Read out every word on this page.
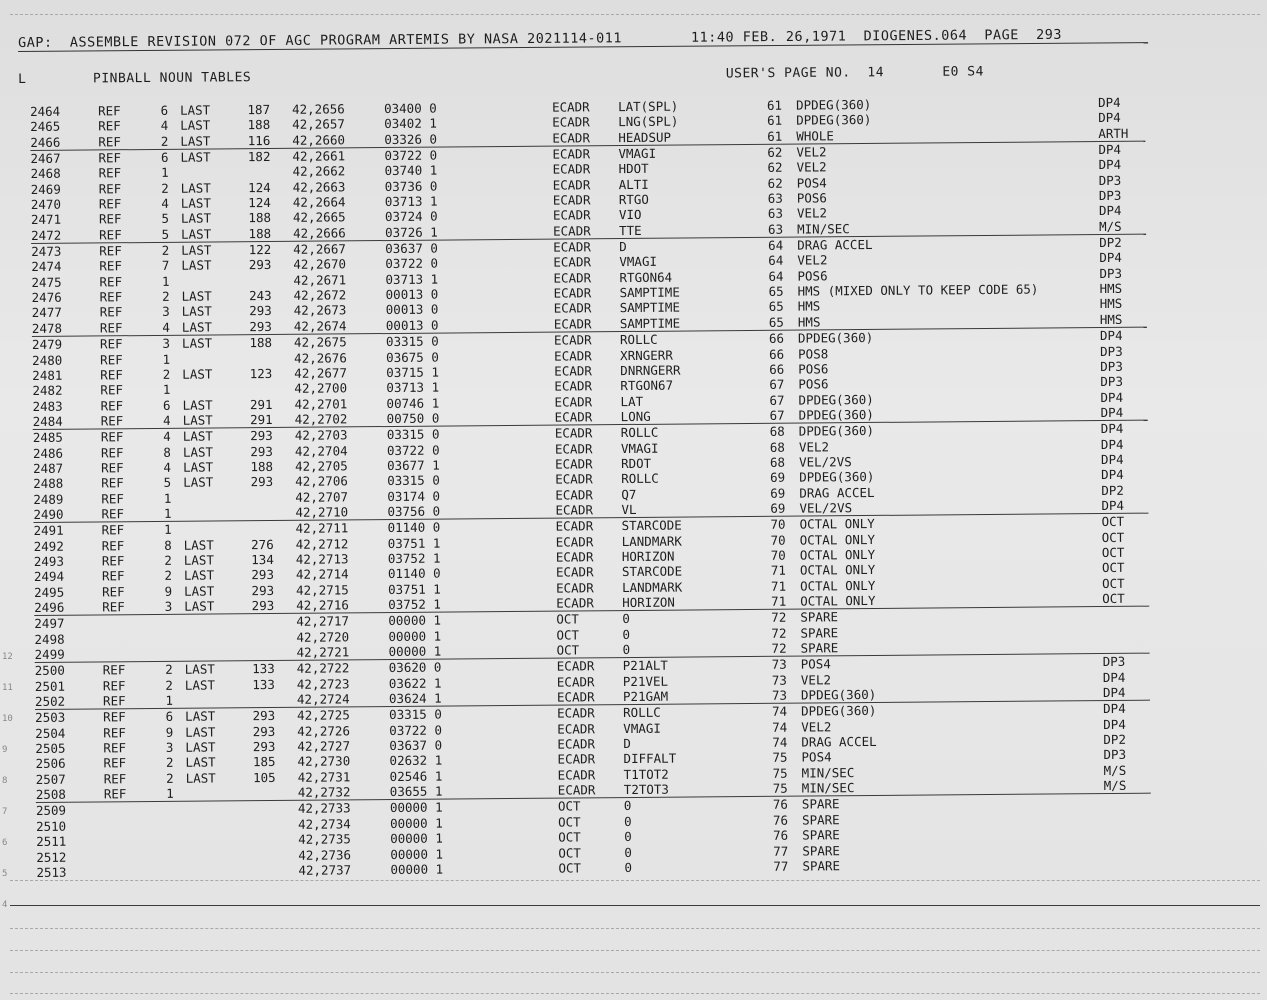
12
11
10
9
8
7
6
5
4
GAP:  ASSEMBLE REVISION 072 OF AGC PROGRAM ARTEMIS BY NASA 2021114-011        11:40 FEB. 26,1971  DIOGENES.064  PAGE  293
L        PINBALL NOUN TABLES                                                         USER'S PAGE NO.  14       E0 S4
2464	REF	6 LAST	187 42,2656	03400 0	ECADR LAT(SPL)	61 DPDEG(360)	DP4
2465	REF	4 LAST	188 42,2657	03402 1	ECADR LNG(SPL)	61 DPDEG(360)	DP4
2466	REF	2 LAST	116 42,2660	03326 0	ECADR HEADSUP	61 WHOLE	ARTH
2467	REF	6 LAST	182 42,2661	03722 0	ECADR VMAGI	62 VEL2	DP4
2468	REF	1	42,2662	03740 1	ECADR HDOT	62 VEL2	DP4
2469	REF	2 LAST	124 42,2663	03736 0	ECADR ALTI	62 POS4	DP3
2470	REF	4 LAST	124 42,2664	03713 1	ECADR RTGO	63 POS6	DP3
2471	REF	5 LAST	188 42,2665	03724 0	ECADR VIO	63 VEL2	DP4
2472	REF	5 LAST	188 42,2666	03726 1	ECADR TTE	63 MIN/SEC	M/S
2473	REF	2 LAST	122 42,2667	03637 0	ECADR D	64 DRAG ACCEL	DP2
2474	REF	7 LAST	293 42,2670	03722 0	ECADR VMAGI	64 VEL2	DP4
2475	REF	1	42,2671	03713 1	ECADR RTGON64	64 POS6	DP3
2476	REF	2 LAST	243 42,2672	00013 0	ECADR SAMPTIME	65 HMS (MIXED ONLY TO KEEP CODE 65)	HMS
2477	REF	3 LAST	293 42,2673	00013 0	ECADR SAMPTIME	65 HMS	HMS
2478	REF	4 LAST	293 42,2674	00013 0	ECADR SAMPTIME	65 HMS	HMS
2479	REF	3 LAST	188 42,2675	03315 0	ECADR ROLLC	66 DPDEG(360)	DP4
2480	REF	1	42,2676	03675 0	ECADR XRNGERR	66 POS8	DP3
2481	REF	2 LAST	123 42,2677	03715 1	ECADR DNRNGERR	66 POS6	DP3
2482	REF	1	42,2700	03713 1	ECADR RTGON67	67 POS6	DP3
2483	REF	6 LAST	291 42,2701	00746 1	ECADR LAT	67 DPDEG(360)	DP4
2484	REF	4 LAST	291 42,2702	00750 0	ECADR LONG	67 DPDEG(360)	DP4
2485	REF	4 LAST	293 42,2703	03315 0	ECADR ROLLC	68 DPDEG(360)	DP4
2486	REF	8 LAST	293 42,2704	03722 0	ECADR VMAGI	68 VEL2	DP4
2487	REF	4 LAST	188 42,2705	03677 1	ECADR RDOT	68 VEL/2VS	DP4
2488	REF	5 LAST	293 42,2706	03315 0	ECADR ROLLC	69 DPDEG(360)	DP4
2489	REF	1	42,2707	03174 0	ECADR Q7	69 DRAG ACCEL	DP2
2490	REF	1	42,2710	03756 0	ECADR VL	69 VEL/2VS	DP4
2491	REF	1	42,2711	01140 0	ECADR STARCODE	70 OCTAL ONLY	OCT
2492	REF	8 LAST	276 42,2712	03751 1	ECADR LANDMARK	70 OCTAL ONLY	OCT
2493	REF	2 LAST	134 42,2713	03752 1	ECADR HORIZON	70 OCTAL ONLY	OCT
2494	REF	2 LAST	293 42,2714	01140 0	ECADR STARCODE	71 OCTAL ONLY	OCT
2495	REF	9 LAST	293 42,2715	03751 1	ECADR LANDMARK	71 OCTAL ONLY	OCT
2496	REF	3 LAST	293 42,2716	03752 1	ECADR HORIZON	71 OCTAL ONLY	OCT
2497	42,2717	00000 1	OCT	0	72 SPARE
2498	42,2720	00000 1	OCT	0	72 SPARE
2499	42,2721	00000 1	OCT	0	72 SPARE
2500	REF	2 LAST	133 42,2722	03620 0	ECADR P21ALT	73 POS4	DP3
2501	REF	2 LAST	133 42,2723	03622 1	ECADR P21VEL	73 VEL2	DP4
2502	REF	1	42,2724	03624 1	ECADR P21GAM	73 DPDEG(360)	DP4
2503	REF	6 LAST	293 42,2725	03315 0	ECADR ROLLC	74 DPDEG(360)	DP4
2504	REF	9 LAST	293 42,2726	03722 0	ECADR VMAGI	74 VEL2	DP4
2505	REF	3 LAST	293 42,2727	03637 0	ECADR D	74 DRAG ACCEL	DP2
2506	REF	2 LAST	185 42,2730	02632 1	ECADR DIFFALT	75 POS4	DP3
2507	REF	2 LAST	105 42,2731	02546 1	ECADR T1TOT2	75 MIN/SEC	M/S
2508	REF	1	42,2732	03655 1	ECADR T2TOT3	75 MIN/SEC	M/S
2509	42,2733	00000 1	OCT	0	76 SPARE
2510	42,2734	00000 1	OCT	0	76 SPARE
2511	42,2735	00000 1	OCT	0	76 SPARE
2512	42,2736	00000 1	OCT	0	77 SPARE
2513	42,2737	00000 1	OCT	0	77 SPARE
